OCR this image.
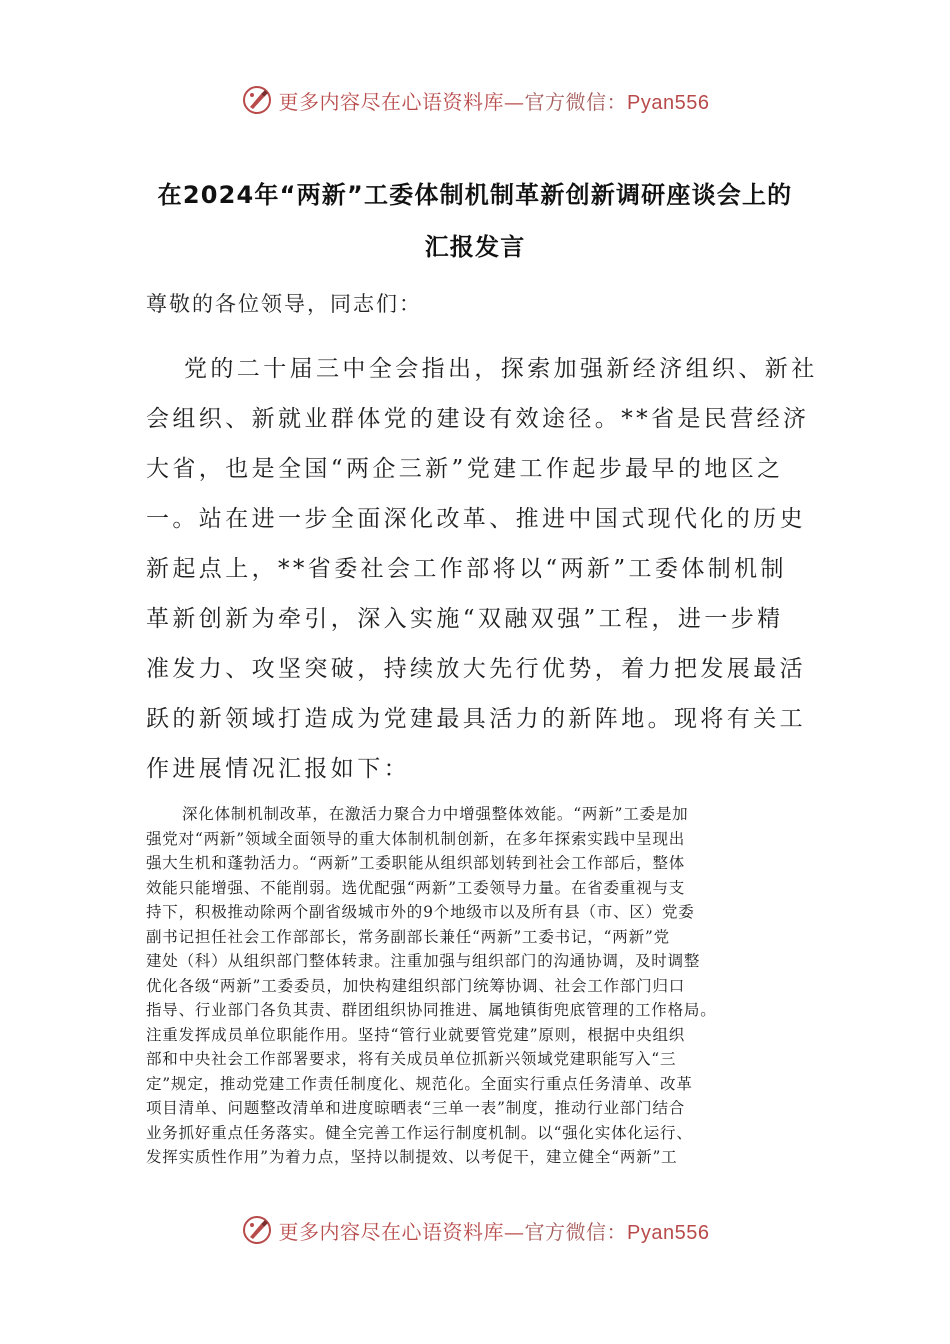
更多内容尽在心语资料库—官方微信：Pyan556
在2024年“两新”工委体制机制革新创新调研座谈会上的
汇报发言
尊敬的各位领导，同志们：
党的二十届三中全会指出，探索加强新经济组织、新社
会组织、新就业群体党的建设有效途径。**省是民营经济
大省，也是全国“两企三新”党建工作起步最早的地区之
一。站在进一步全面深化改革、推进中国式现代化的历史
新起点上，**省委社会工作部将以“两新”工委体制机制
革新创新为牵引，深入实施“双融双强”工程，进一步精
准发力、攻坚突破，持续放大先行优势，着力把发展最活
跃的新领域打造成为党建最具活力的新阵地。现将有关工
作进展情况汇报如下：
深化体制机制改革，在激活力聚合力中增强整体效能。“两新”工委是加
强党对“两新”领域全面领导的重大体制机制创新，在多年探索实践中呈现出
强大生机和蓬勃活力。“两新”工委职能从组织部划转到社会工作部后，整体
效能只能增强、不能削弱。选优配强“两新”工委领导力量。在省委重视与支
持下，积极推动除两个副省级城市外的9个地级市以及所有县（市、区）党委
副书记担任社会工作部部长，常务副部长兼任“两新”工委书记，“两新”党
建处（科）从组织部门整体转隶。注重加强与组织部门的沟通协调，及时调整
优化各级“两新”工委委员，加快构建组织部门统筹协调、社会工作部门归口
指导、行业部门各负其责、群团组织协同推进、属地镇街兜底管理的工作格局。
注重发挥成员单位职能作用。坚持“管行业就要管党建”原则，根据中央组织
部和中央社会工作部署要求，将有关成员单位抓新兴领域党建职能写入“三
定”规定，推动党建工作责任制度化、规范化。全面实行重点任务清单、改革
项目清单、问题整改清单和进度晾晒表“三单一表”制度，推动行业部门结合
业务抓好重点任务落实。健全完善工作运行制度机制。以“强化实体化运行、
发挥实质性作用”为着力点，坚持以制提效、以考促干，建立健全“两新”工
更多内容尽在心语资料库—官方微信：Pyan556
